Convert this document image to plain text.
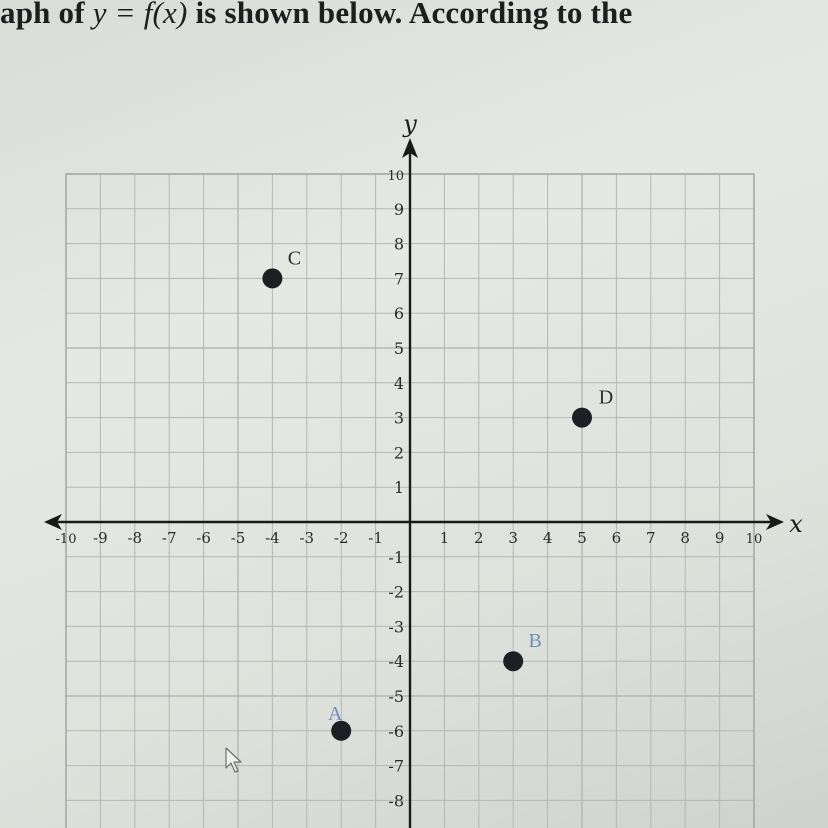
aph of y = f(x) is shown below. According to the
x
y
-10 -9 -8 -7 -6 -5 -4 -3 -2 -1	1 2 3 4 5 6 7 8 9 10
10
9
8
7
6
5
4
3
2
1
-1
-2
-3
-4
-5
-6
-7
-8
C
D
B
A
